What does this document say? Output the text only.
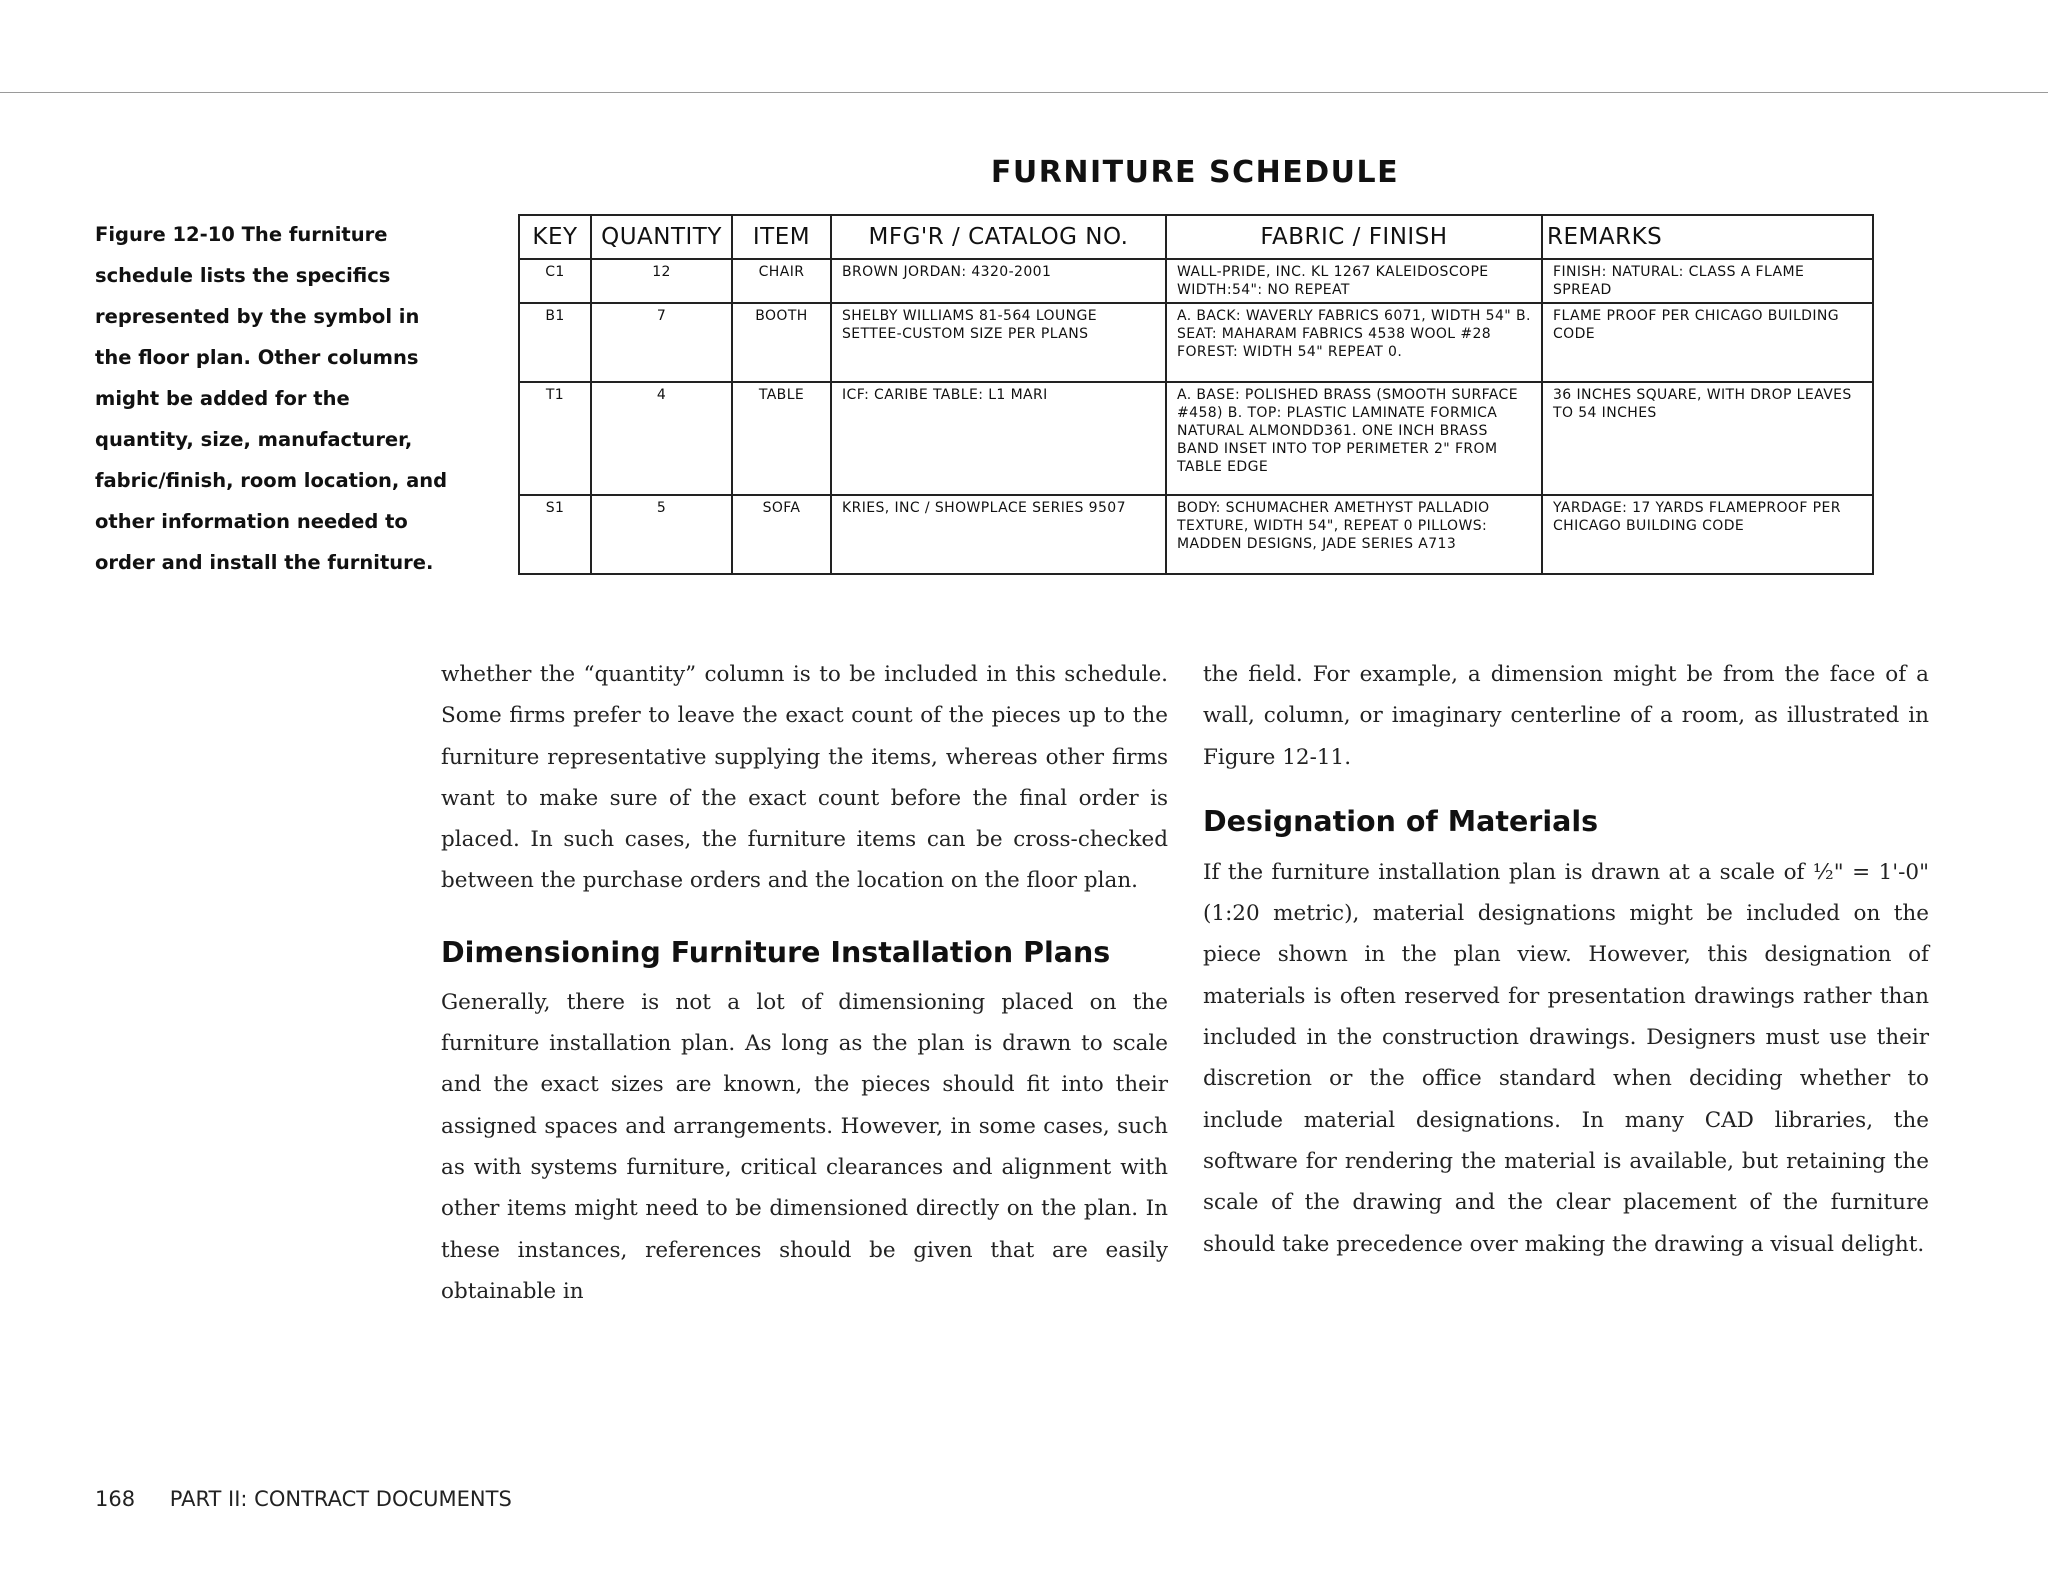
Figure 12-10 The furniture schedule lists the specifics represented by the symbol in the floor plan. Other columns might be added for the quantity, size, manufacturer, fabric/finish, room location, and other information needed to order and install the furniture.
FURNITURE SCHEDULE
KEY	QUANTITY	ITEM	MFG'R / CATALOG NO.	FABRIC / FINISH	REMARKS
C1	12	CHAIR	BROWN JORDAN: 4320-2001	WALL-PRIDE, INC. KL 1267 KALEIDOSCOPE WIDTH:54": NO REPEAT	FINISH: NATURAL: CLASS A FLAME SPREAD
B1	7	BOOTH	SHELBY WILLIAMS 81-564 LOUNGE SETTEE-CUSTOM SIZE PER PLANS	A. BACK: WAVERLY FABRICS 6071, WIDTH 54" B. SEAT: MAHARAM FABRICS 4538 WOOL #28 FOREST: WIDTH 54" REPEAT 0.	FLAME PROOF PER CHICAGO BUILDING CODE
T1	4	TABLE	ICF: CARIBE TABLE: L1 MARI	A. BASE: POLISHED BRASS (SMOOTH SURFACE #458) B. TOP: PLASTIC LAMINATE FORMICA NATURAL ALMONDD361. ONE INCH BRASS BAND INSET INTO TOP PERIMETER 2" FROM TABLE EDGE	36 INCHES SQUARE, WITH DROP LEAVES TO 54 INCHES
S1	5	SOFA	KRIES, INC / SHOWPLACE SERIES 9507	BODY: SCHUMACHER AMETHYST PALLADIO TEXTURE, WIDTH 54", REPEAT 0 PILLOWS: MADDEN DESIGNS, JADE SERIES A713	YARDAGE: 17 YARDS FLAMEPROOF PER CHICAGO BUILDING CODE

whether the “quantity” column is to be included in this schedule. Some firms prefer to leave the exact count of the pieces up to the furniture representative supplying the items, whereas other firms want to make sure of the exact count before the final order is placed. In such cases, the furniture items can be cross-checked between the purchase orders and the location on the floor plan.

Dimensioning Furniture Installation Plans

Generally, there is not a lot of dimensioning placed on the furniture installation plan. As long as the plan is drawn to scale and the exact sizes are known, the pieces should fit into their assigned spaces and arrangements. However, in some cases, such as with systems furniture, critical clearances and alignment with other items might need to be dimensioned directly on the plan. In these instances, references should be given that are easily obtainable in

the field. For example, a dimension might be from the face of a wall, column, or imaginary centerline of a room, as illustrated in Figure 12-11.

Designation of Materials

If the furniture installation plan is drawn at a scale of ½" = 1'-0" (1:20 metric), material designations might be included on the piece shown in the plan view. However, this designation of materials is often reserved for presentation drawings rather than included in the construction drawings. Designers must use their discretion or the office standard when deciding whether to include material designations. In many CAD libraries, the software for rendering the material is available, but retaining the scale of the drawing and the clear placement of the furniture should take precedence over making the drawing a visual delight.

168 PART II: CONTRACT DOCUMENTS
